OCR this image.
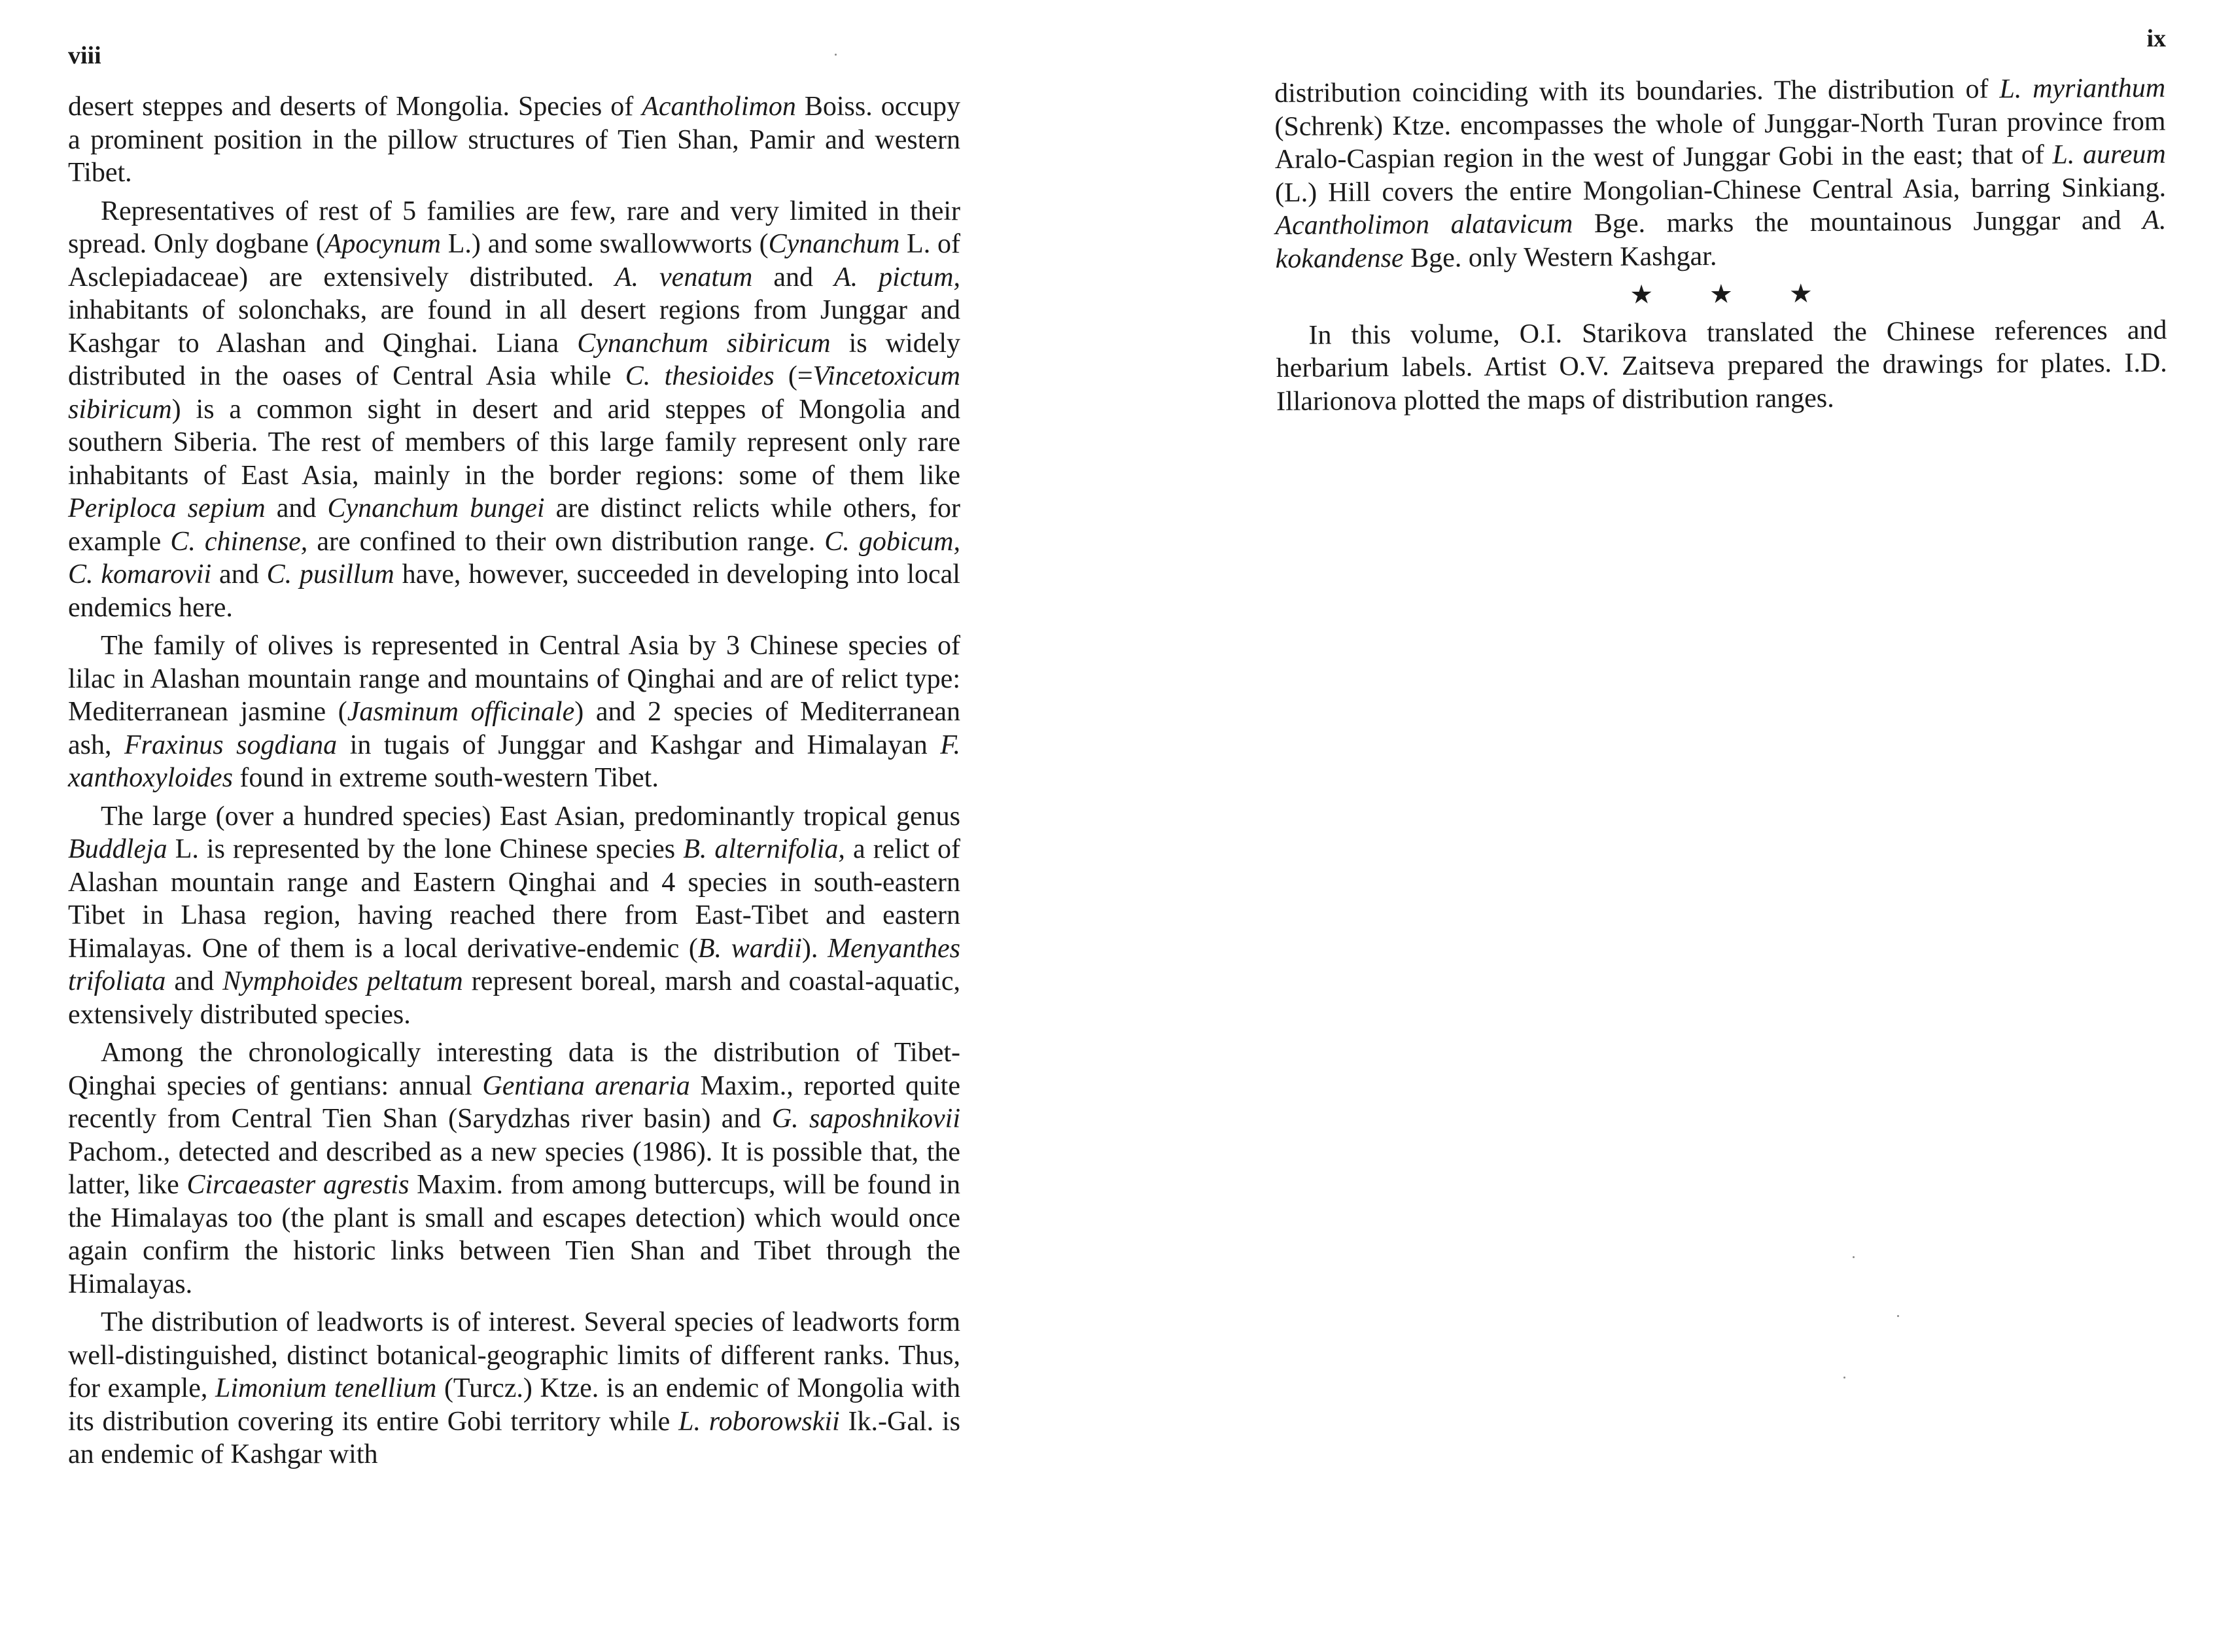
viii
ix

desert steppes and deserts of Mongolia. Species of Acantholimon Boiss. occupy a prominent position in the pillow structures of Tien Shan, Pamir and western Tibet.

Representatives of rest of 5 families are few, rare and very limited in their spread. Only dogbane (Apocynum L.) and some swallowworts (Cynanchum L. of Asclepiadaceae) are extensively distributed. A. venatum and A. pictum, inhabitants of solonchaks, are found in all desert regions from Junggar and Kashgar to Alashan and Qinghai. Liana Cynanchum sibiricum is widely distributed in the oases of Central Asia while C. thesioides (=Vincetoxicum sibiricum) is a common sight in desert and arid steppes of Mongolia and southern Siberia. The rest of members of this large family represent only rare inhabitants of East Asia, mainly in the border regions: some of them like Periploca sepium and Cynanchum bungei are distinct relicts while others, for example C. chinense, are confined to their own distribution range. C. gobicum, C. komarovii and C. pusillum have, however, succeeded in developing into local endemics here.

The family of olives is represented in Central Asia by 3 Chinese species of lilac in Alashan mountain range and mountains of Qinghai and are of relict type: Mediterranean jasmine (Jasminum officinale) and 2 species of Mediterranean ash, Fraxinus sogdiana in tugais of Junggar and Kashgar and Himalayan F. xanthoxyloides found in extreme south-western Tibet.

The large (over a hundred species) East Asian, predominantly tropical genus Buddleja L. is represented by the lone Chinese species B. alternifolia, a relict of Alashan mountain range and Eastern Qinghai and 4 species in south-eastern Tibet in Lhasa region, having reached there from East-Tibet and eastern Himalayas. One of them is a local derivative-endemic (B. wardii). Menyanthes trifoliata and Nymphoides peltatum represent boreal, marsh and coastal-aquatic, extensively distributed species.

Among the chronologically interesting data is the distribution of Tibet-Qinghai species of gentians: annual Gentiana arenaria Maxim., reported quite recently from Central Tien Shan (Sarydzhas river basin) and G. saposhnikovii Pachom., detected and described as a new species (1986). It is possible that, the latter, like Circaeaster agrestis Maxim. from among buttercups, will be found in the Himalayas too (the plant is small and escapes detection) which would once again confirm the historic links between Tien Shan and Tibet through the Himalayas.

The distribution of leadworts is of interest. Several species of leadworts form well-distinguished, distinct botanical-geographic limits of different ranks. Thus, for example, Limonium tenellium (Turcz.) Ktze. is an endemic of Mongolia with its distribution covering its entire Gobi territory while L. roborowskii Ik.-Gal. is an endemic of Kashgar with

distribution coinciding with its boundaries. The distribution of L. myrianthum (Schrenk) Ktze. encompasses the whole of Junggar-North Turan province from Aralo-Caspian region in the west of Junggar Gobi in the east; that of L. aureum (L.) Hill covers the entire Mongolian-Chinese Central Asia, barring Sinkiang. Acantholimon alatavicum Bge. marks the mountainous Junggar and A. kokandense Bge. only Western Kashgar.

★ ★ ★

In this volume, O.I. Starikova translated the Chinese references and herbarium labels. Artist O.V. Zaitseva prepared the drawings for plates. I.D. Illarionova plotted the maps of distribution ranges.
